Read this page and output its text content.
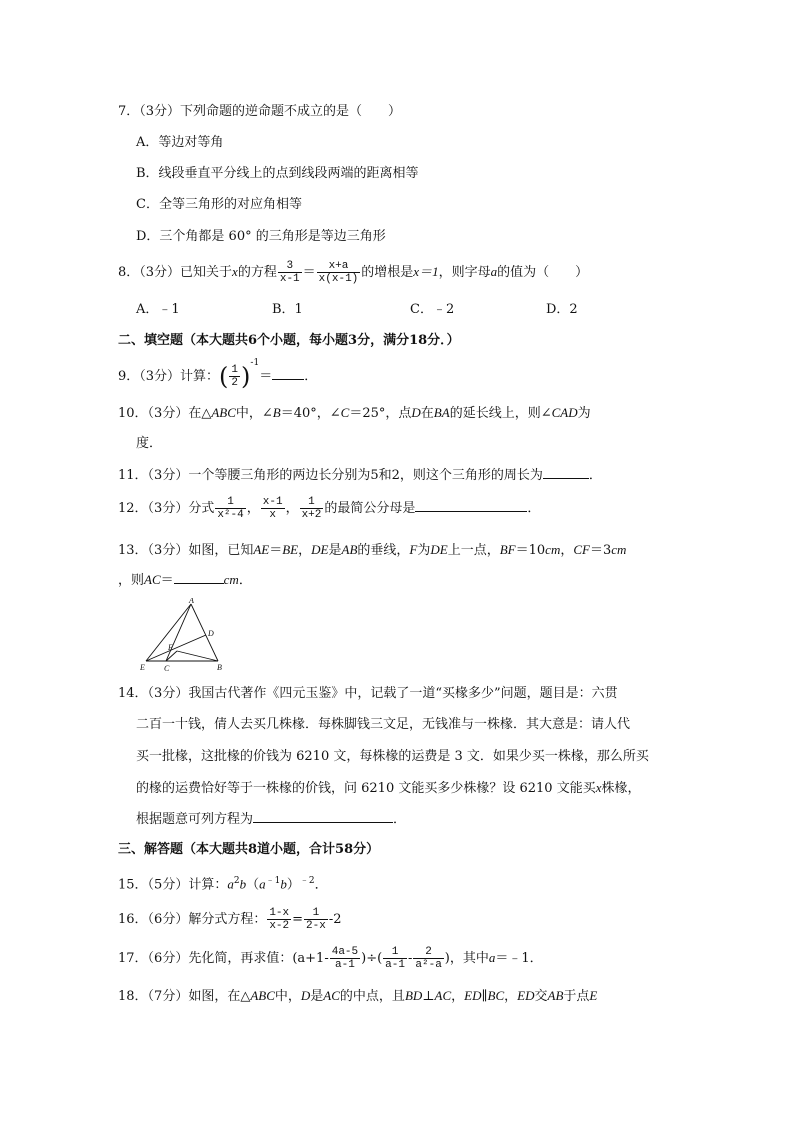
7．（3分）下列命题的逆命题不成立的是（　　）
A．等边对等角
B．线段垂直平分线上的点到线段两端的距离相等
C．全等三角形的对应角相等
D．三个角都是 60° 的三角形是等边三角形
8．（3分）已知关于x的方程 $\frac{3}{x-1} = \frac{x+a}{x(x-1)}$ 的增根是x＝1，则字母a的值为（　　）
A．﹣1	B．1	C．﹣2	D．2
二、填空题（本大题共6个小题，每小题3分，满分18分．）
9．（3分）计算：( $\frac{1}{2} )^{-1}=$ ．
10．（3分）在△ABC中，∠B＝40°，∠C＝25°，点D在BA的延长线上，则∠CAD为
度．
11．（3分）一个等腰三角形的两边长分别为5和2，则这个三角形的周长为	．
12．（3分）分式 $\frac{1}{\text{x²-4}}$ ， $\frac{x-1}{x}$ ， $\frac{1}{x+2}$ 的最简公分母是	．
13．（3分）如图，已知AE＝BE，DE是AB的垂线，F为DE上一点，BF＝10cm，CF＝3cm
，则AC＝	cm．
A
D
F
E C	B
14．（3分）我国古代著作《四元玉鉴》中，记载了一道“买椽多少”问题，题目是：六贯
二百一十钱，倩人去买几株椽．每株脚钱三文足，无钱准与一株椽．其大意是：请人代
买一批椽，这批椽的价钱为 6210 文，每株椽的运费是 3 文．如果少买一株椽，那么所买
的椽的运费恰好等于一株椽的价钱，问 6210 文能买多少株椽？设 6210 文能买x株椽，
根据题意可列方程为	．
三、解答题（本大题共8道小题，合计58分）
15．（5分）计算：$a^2b(a^{﹣1}b)^{﹣2}$．
16．（6分）解分式方程： $\frac{1-x}{x-2} = \frac{1}{2-x} -2$
17．（6分）先化简，再求值：($a+1- \frac{4a-5}{a-1}$ )÷( $\frac{1}{a-1} - \frac{2}{\text{a²-a}}$ )，其中a＝﹣1．
18．（7分）如图，在△ABC中，D是AC的中点，且BD⊥AC，ED∥BC，ED交AB于点E
